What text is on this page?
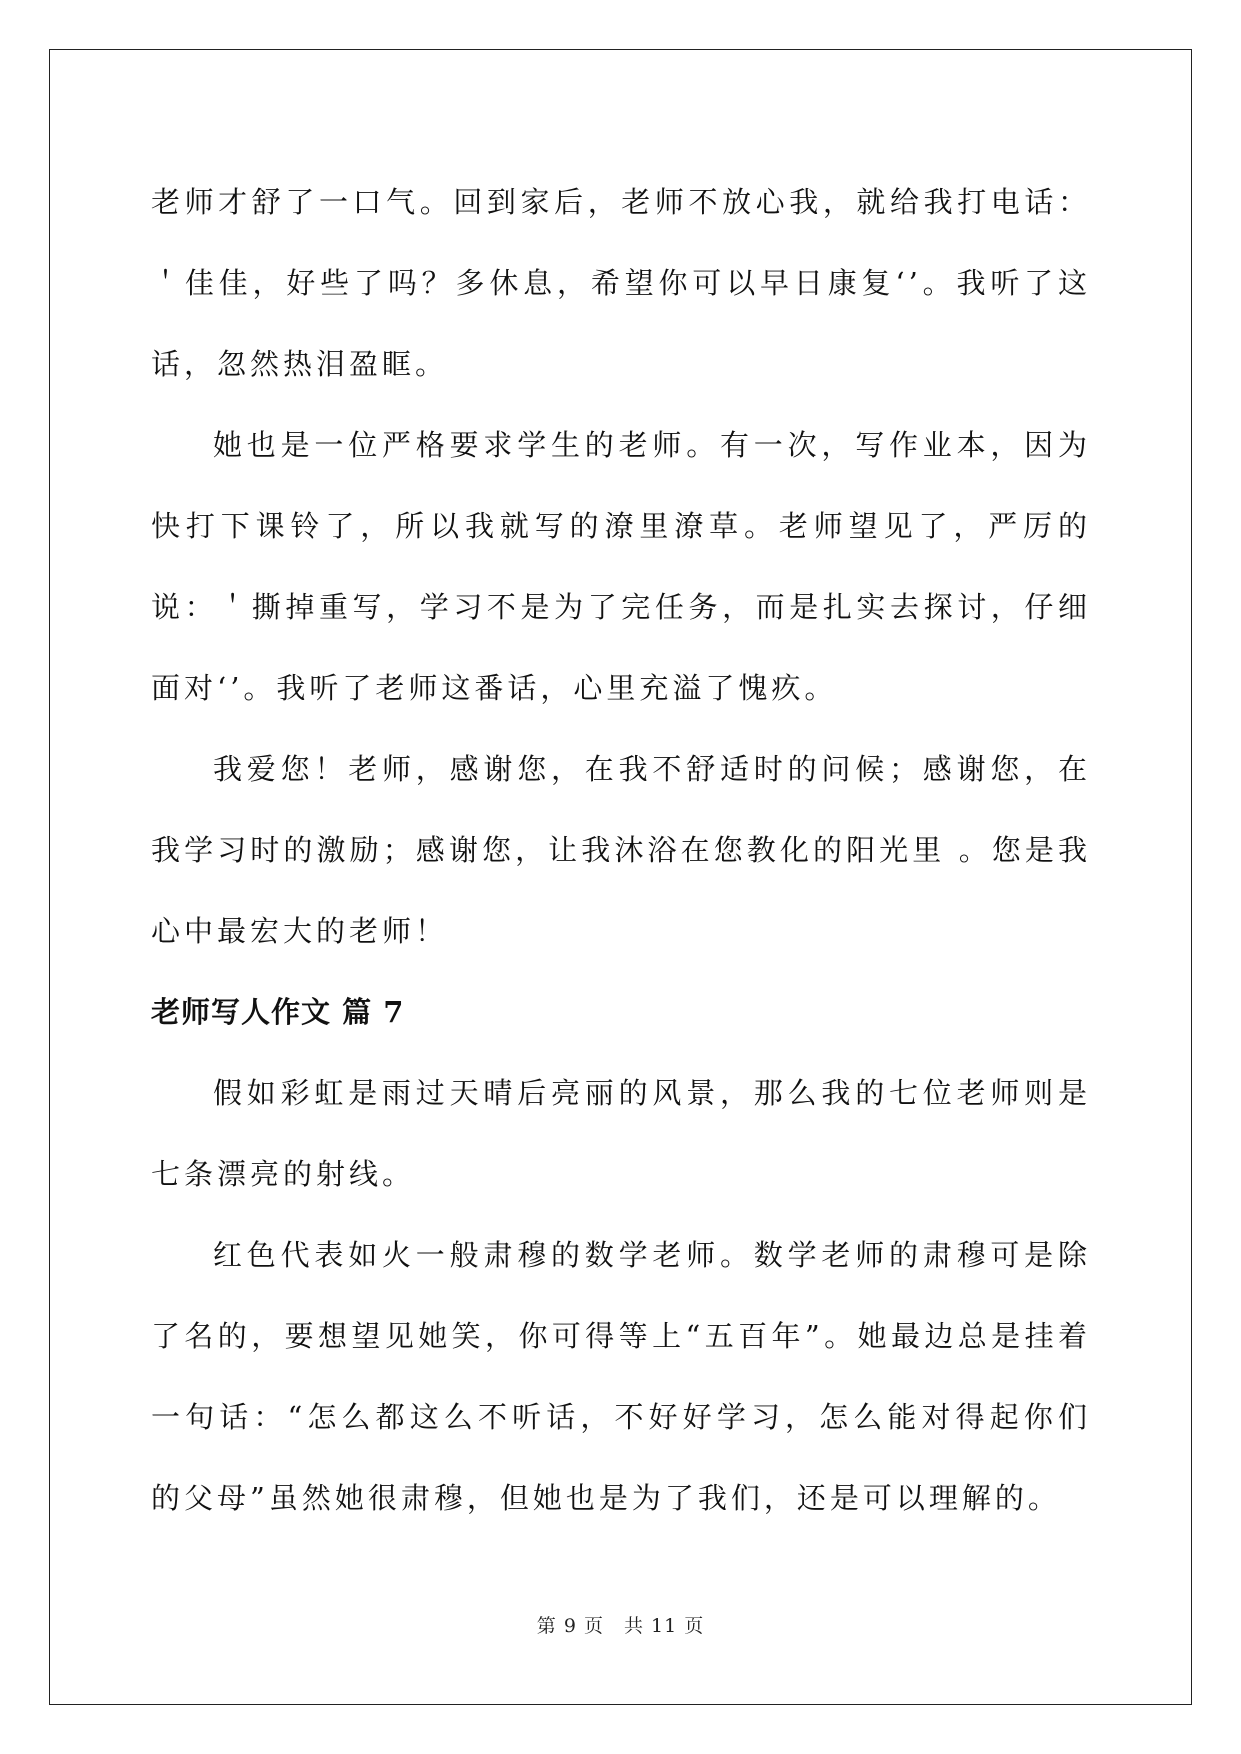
老师才舒了一口气。回到家后，老师不放心我，就给我打电话：＇佳佳，好些了吗？多休息，希望你可以早日康复‘’。我听了这话，忽然热泪盈眶。

她也是一位严格要求学生的老师。有一次，写作业本，因为快打下课铃了，所以我就写的潦里潦草。老师望见了，严厉的说：＇撕掉重写，学习不是为了完任务，而是扎实去探讨，仔细面对‘’。我听了老师这番话，心里充溢了愧疚。

我爱您！老师，感谢您，在我不舒适时的问候；感谢您，在我学习时的激励；感谢您，让我沐浴在您教化的阳光里 。您是我心中最宏大的老师！

老师写人作文 篇 7

假如彩虹是雨过天晴后亮丽的风景，那么我的七位老师则是七条漂亮的射线。

红色代表如火一般肃穆的数学老师。数学老师的肃穆可是除了名的，要想望见她笑，你可得等上“五百年”。她最边总是挂着一句话：“怎么都这么不听话，不好好学习，怎么能对得起你们的父母”虽然她很肃穆，但她也是为了我们，还是可以理解的。

第 9 页 共 11 页
